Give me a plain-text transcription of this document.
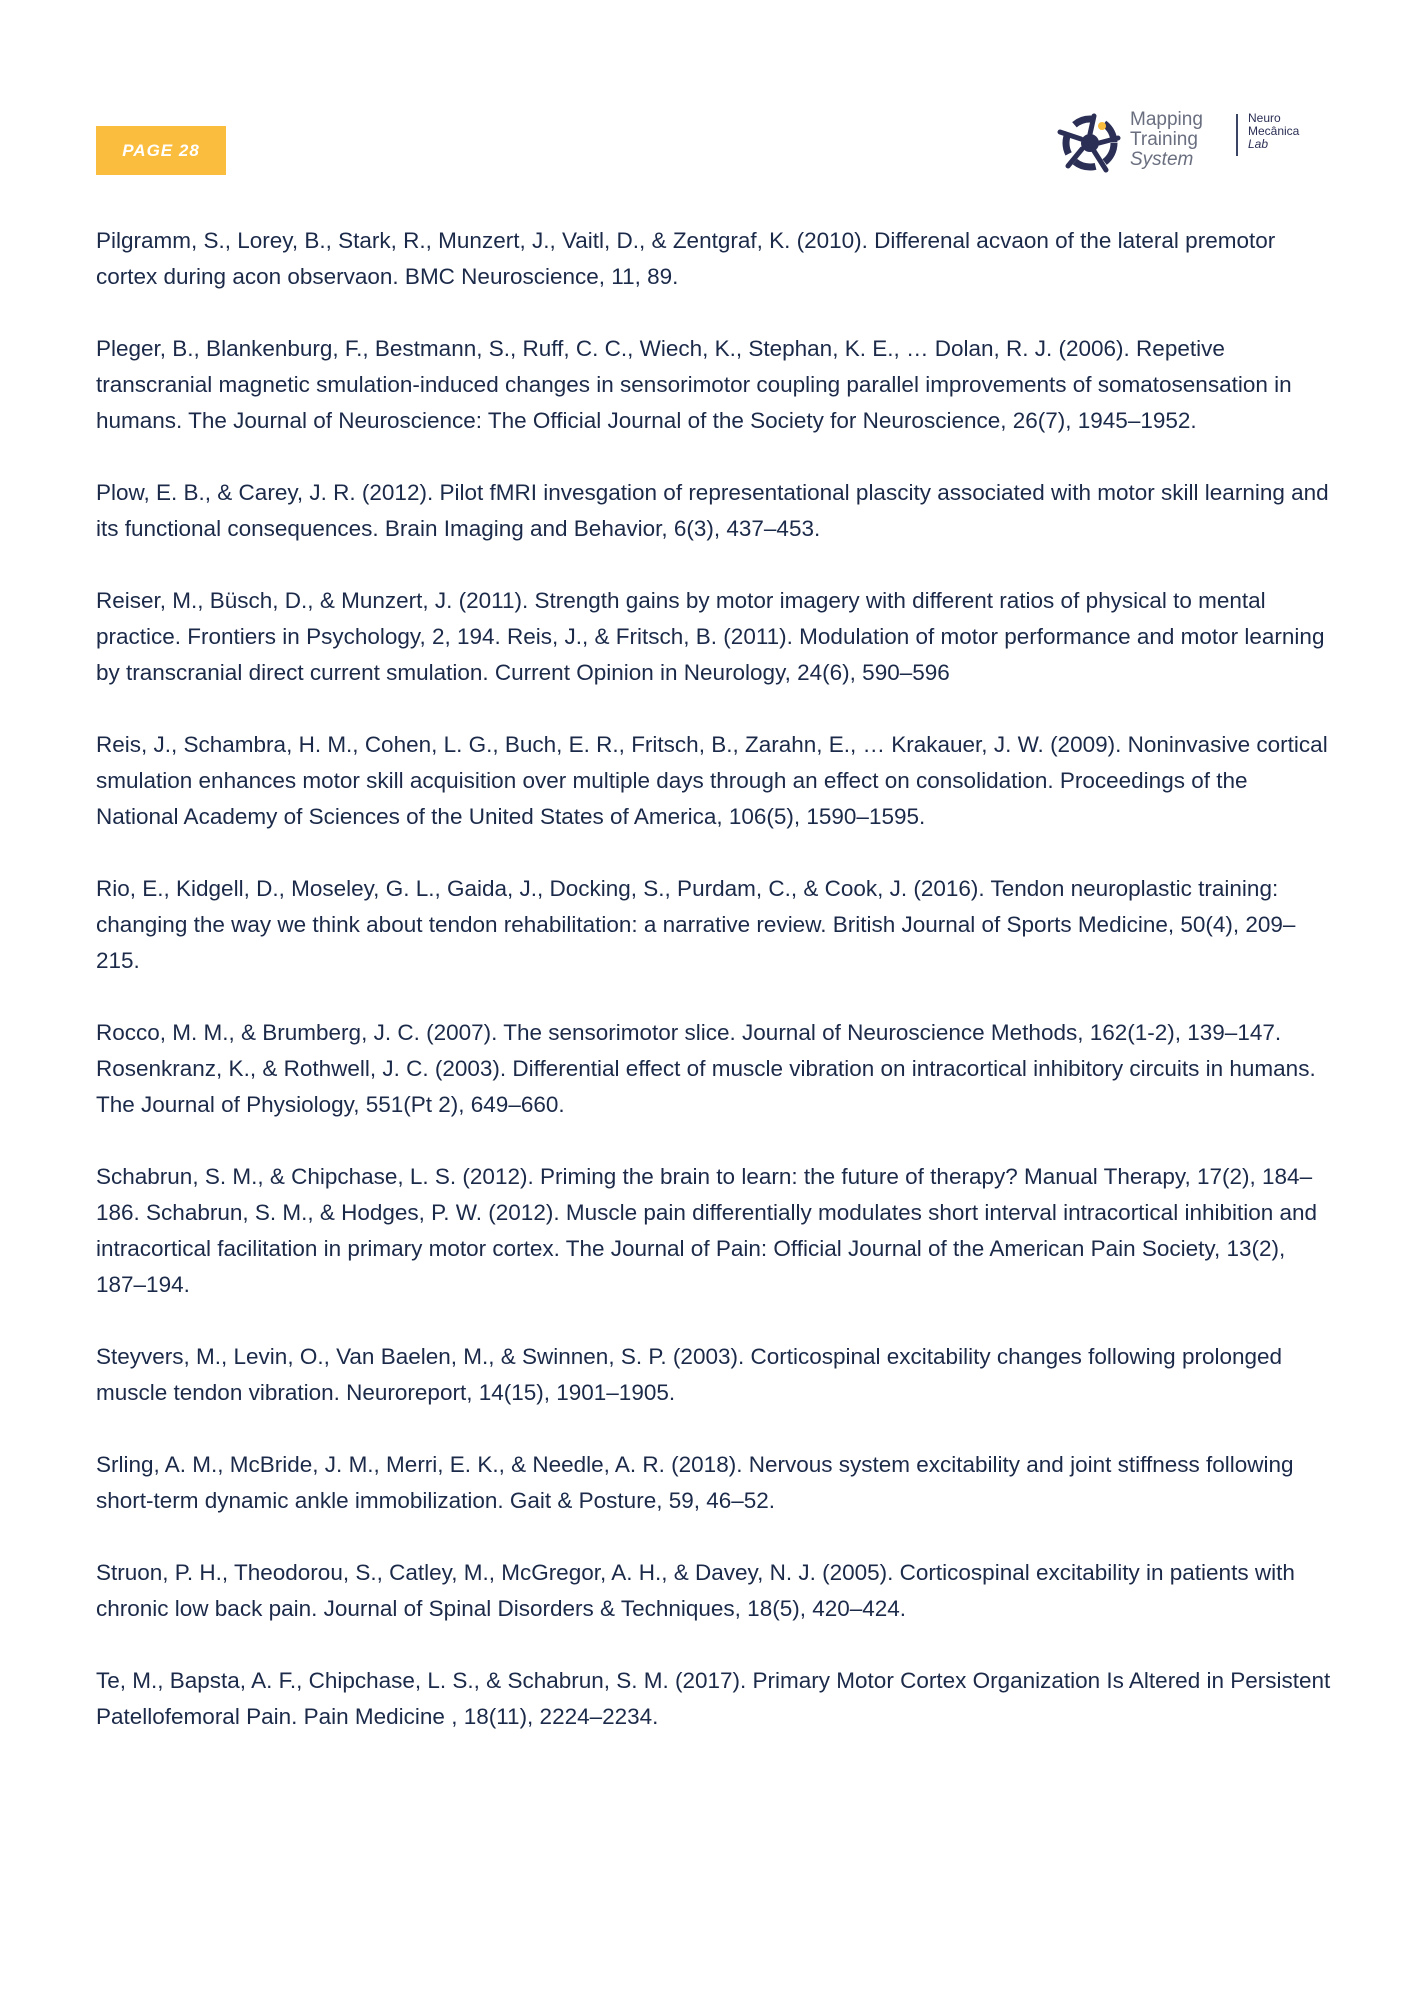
PAGE 28
Mapping
Training
System
Neuro
Mecânica
Lab

Pilgramm, S., Lorey, B., Stark, R., Munzert, J., Vaitl, D., & Zentgraf, K. (2010). Differenal acvaon of the lateral premotor cortex during acon observaon. BMC Neuroscience, 11, 89.

Pleger, B., Blankenburg, F., Bestmann, S., Ruff, C. C., Wiech, K., Stephan, K. E., … Dolan, R. J. (2006). Repetive transcranial magnetic smulation-induced changes in sensorimotor coupling parallel improvements of somatosensation in humans. The Journal of Neuroscience: The Official Journal of the Society for Neuroscience, 26(7), 1945–1952.

Plow, E. B., & Carey, J. R. (2012). Pilot fMRI invesgation of representational plascity associated with motor skill learning and its functional consequences. Brain Imaging and Behavior, 6(3), 437–453.

Reiser, M., Büsch, D., & Munzert, J. (2011). Strength gains by motor imagery with different ratios of physical to mental practice. Frontiers in Psychology, 2, 194. Reis, J., & Fritsch, B. (2011). Modulation of motor performance and motor learning by transcranial direct current smulation. Current Opinion in Neurology, 24(6), 590–596

Reis, J., Schambra, H. M., Cohen, L. G., Buch, E. R., Fritsch, B., Zarahn, E., … Krakauer, J. W. (2009). Noninvasive cortical smulation enhances motor skill acquisition over multiple days through an effect on consolidation. Proceedings of the National Academy of Sciences of the United States of America, 106(5), 1590–1595.

Rio, E., Kidgell, D., Moseley, G. L., Gaida, J., Docking, S., Purdam, C., & Cook, J. (2016). Tendon neuroplastic training: changing the way we think about tendon rehabilitation: a narrative review. British Journal of Sports Medicine, 50(4), 209–215.

Rocco, M. M., & Brumberg, J. C. (2007). The sensorimotor slice. Journal of Neuroscience Methods, 162(1-2), 139–147. Rosenkranz, K., & Rothwell, J. C. (2003). Differential effect of muscle vibration on intracortical inhibitory circuits in humans. The Journal of Physiology, 551(Pt 2), 649–660.

Schabrun, S. M., & Chipchase, L. S. (2012). Priming the brain to learn: the future of therapy? Manual Therapy, 17(2), 184–186. Schabrun, S. M., & Hodges, P. W. (2012). Muscle pain differentially modulates short interval intracortical inhibition and intracortical facilitation in primary motor cortex. The Journal of Pain: Official Journal of the American Pain Society, 13(2), 187–194.

Steyvers, M., Levin, O., Van Baelen, M., & Swinnen, S. P. (2003). Corticospinal excitability changes following prolonged muscle tendon vibration. Neuroreport, 14(15), 1901–1905.

Srling, A. M., McBride, J. M., Merri, E. K., & Needle, A. R. (2018). Nervous system excitability and joint stiffness following short-term dynamic ankle immobilization. Gait & Posture, 59, 46–52.

Struon, P. H., Theodorou, S., Catley, M., McGregor, A. H., & Davey, N. J. (2005). Corticospinal excitability in patients with chronic low back pain. Journal of Spinal Disorders & Techniques, 18(5), 420–424.

Te, M., Bapsta, A. F., Chipchase, L. S., & Schabrun, S. M. (2017). Primary Motor Cortex Organization Is Altered in Persistent Patellofemoral Pain. Pain Medicine , 18(11), 2224–2234.
